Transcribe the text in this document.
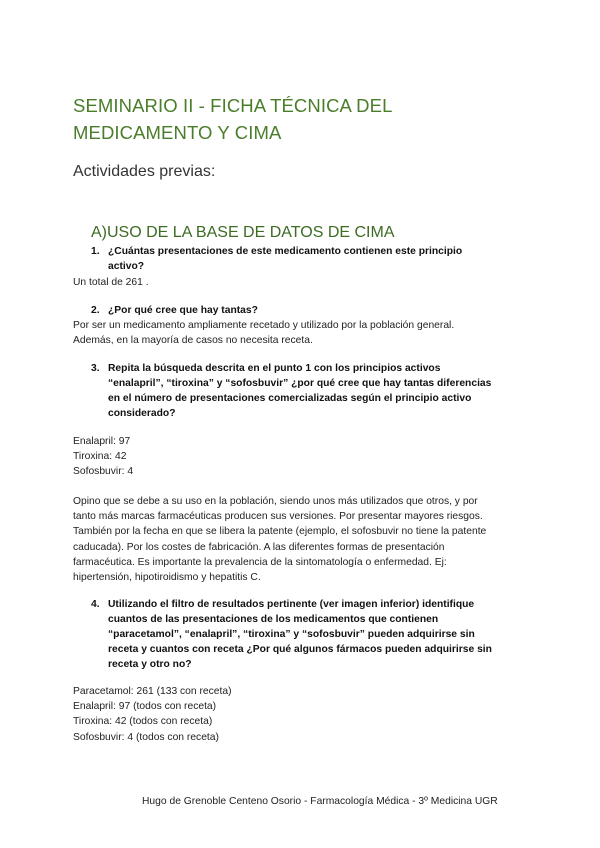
SEMINARIO II - FICHA TÉCNICA DEL
MEDICAMENTO Y CIMA
Actividades previas:
A)USO DE LA BASE DE DATOS DE CIMA
1. ¿Cuántas presentaciones de este medicamento contienen este principio
activo?
Un total de 261 .
2. ¿Por qué cree que hay tantas?
Por ser un medicamento ampliamente recetado y utilizado por la población general.
Además, en la mayoría de casos no necesita receta.
3. Repita la búsqueda descrita en el punto 1 con los principios activos
“enalapril”, “tiroxina” y “sofosbuvir” ¿por qué cree que hay tantas diferencias
en el número de presentaciones comercializadas según el principio activo
considerado?
Enalapril: 97
Tiroxina: 42
Sofosbuvir: 4
Opino que se debe a su uso en la población, siendo unos más utilizados que otros, y por
tanto más marcas farmacéuticas producen sus versiones. Por presentar mayores riesgos.
También por la fecha en que se libera la patente (ejemplo, el sofosbuvir no tiene la patente
caducada). Por los costes de fabricación. A las diferentes formas de presentación
farmacéutica. Es importante la prevalencia de la sintomatología o enfermedad. Ej:
hipertensión, hipotiroidismo y hepatitis C.
4. Utilizando el filtro de resultados pertinente (ver imagen inferior) identifique
cuantos de las presentaciones de los medicamentos que contienen
“paracetamol”, “enalapril”, “tiroxina” y “sofosbuvir” pueden adquirirse sin
receta y cuantos con receta ¿Por qué algunos fármacos pueden adquirirse sin
receta y otro no?
Paracetamol: 261 (133 con receta)
Enalapril: 97 (todos con receta)
Tiroxina: 42 (todos con receta)
Sofosbuvir: 4 (todos con receta)
Hugo de Grenoble Centeno Osorio - Farmacología Médica - 3º Medicina UGR
